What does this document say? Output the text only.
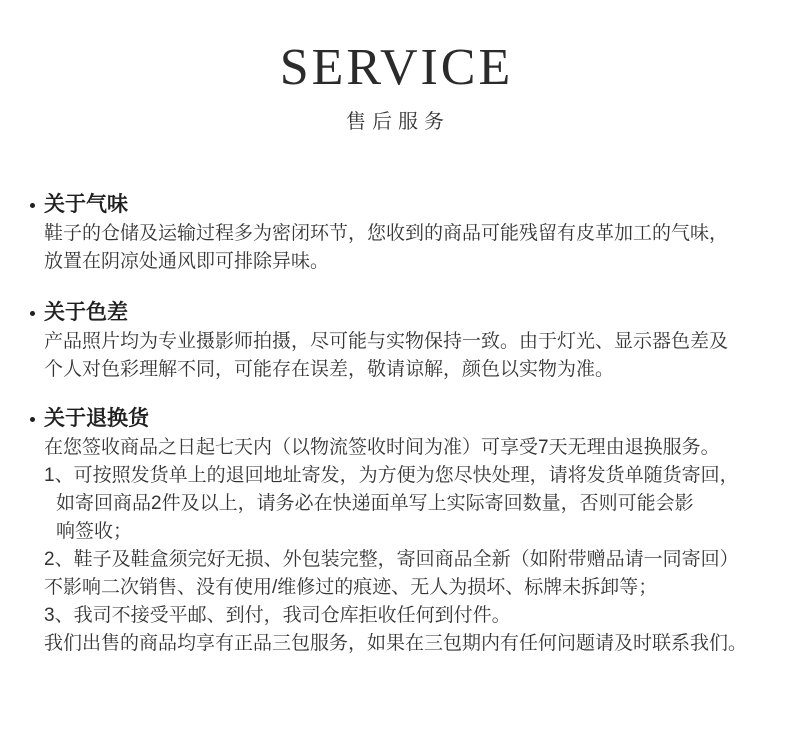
SERVICE
售后服务
关于气味
鞋子的仓储及运输过程多为密闭环节，您收到的商品可能残留有皮革加工的气味，
放置在阴凉处通风即可排除异味。
关于色差
产品照片均为专业摄影师拍摄，尽可能与实物保持一致。由于灯光、显示器色差及
个人对色彩理解不同，可能存在误差，敬请谅解，颜色以实物为准。
关于退换货
在您签收商品之日起七天内（以物流签收时间为准）可享受7天无理由退换服务。
1、可按照发货单上的退回地址寄发，为方便为您尽快处理，请将发货单随货寄回，
如寄回商品2件及以上，请务必在快递面单写上实际寄回数量，否则可能会影
响签收；
2、鞋子及鞋盒须完好无损、外包装完整，寄回商品全新（如附带赠品请一同寄回）
不影响二次销售、没有使用/维修过的痕迹、无人为损坏、标牌未拆卸等；
3、我司不接受平邮、到付，我司仓库拒收任何到付件。
我们出售的商品均享有正品三包服务，如果在三包期内有任何问题请及时联系我们。
